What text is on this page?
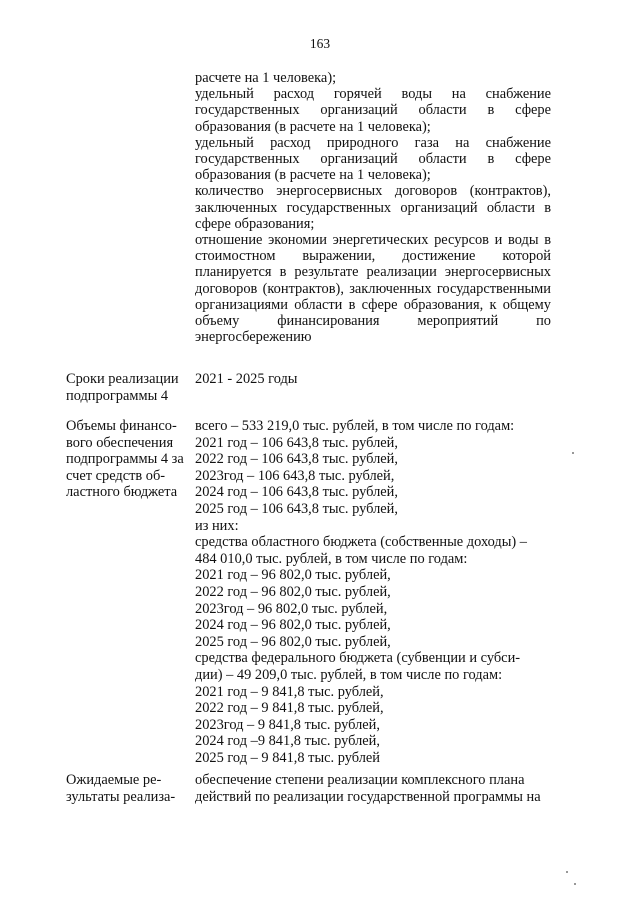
163

расчете на 1 человека);

удельный расход горячей воды на снабжение государственных организаций области в сфере образования (в расчете на 1 человека);

удельный расход природного газа на снабжение государственных организаций области в сфере образования (в расчете на 1 человека);

количество энергосервисных договоров (контрактов), заключенных государственных организаций области в сфере образования;

отношение экономии энергетических ресурсов и воды в стоимостном выражении, достижение которой планируется в результате реализации энергосервисных договоров (контрактов), заключенных государственными организациями области в сфере образования, к общему объему финансирования мероприятий по энергосбережению

Сроки реализации
подпрограммы 4
2021 - 2025 годы
Объемы финансо-
вого обеспечения
подпрограммы 4 за
счет средств об-
ластного бюджета
всего – 533 219,0 тыс. рублей, в том числе по годам:
2021 год – 106 643,8 тыс. рублей,
2022 год – 106 643,8 тыс. рублей,
2023год – 106 643,8 тыс. рублей,
2024 год – 106 643,8 тыс. рублей,
2025 год – 106 643,8 тыс. рублей,
из них:
средства областного бюджета (собственные доходы) –
484 010,0 тыс. рублей, в том числе по годам:
2021 год – 96 802,0 тыс. рублей,
2022 год – 96 802,0 тыс. рублей,
2023год – 96 802,0 тыс. рублей,
2024 год – 96 802,0 тыс. рублей,
2025 год – 96 802,0 тыс. рублей,
средства федерального бюджета (субвенции и субси-
дии) – 49 209,0 тыс. рублей, в том числе по годам:
2021 год – 9 841,8 тыс. рублей,
2022 год – 9 841,8 тыс. рублей,
2023год – 9 841,8 тыс. рублей,
2024 год –9 841,8 тыс. рублей,
2025 год – 9 841,8 тыс. рублей
Ожидаемые ре-
зультаты реализа-
обеспечение степени реализации комплексного плана
действий по реализации государственной программы на
